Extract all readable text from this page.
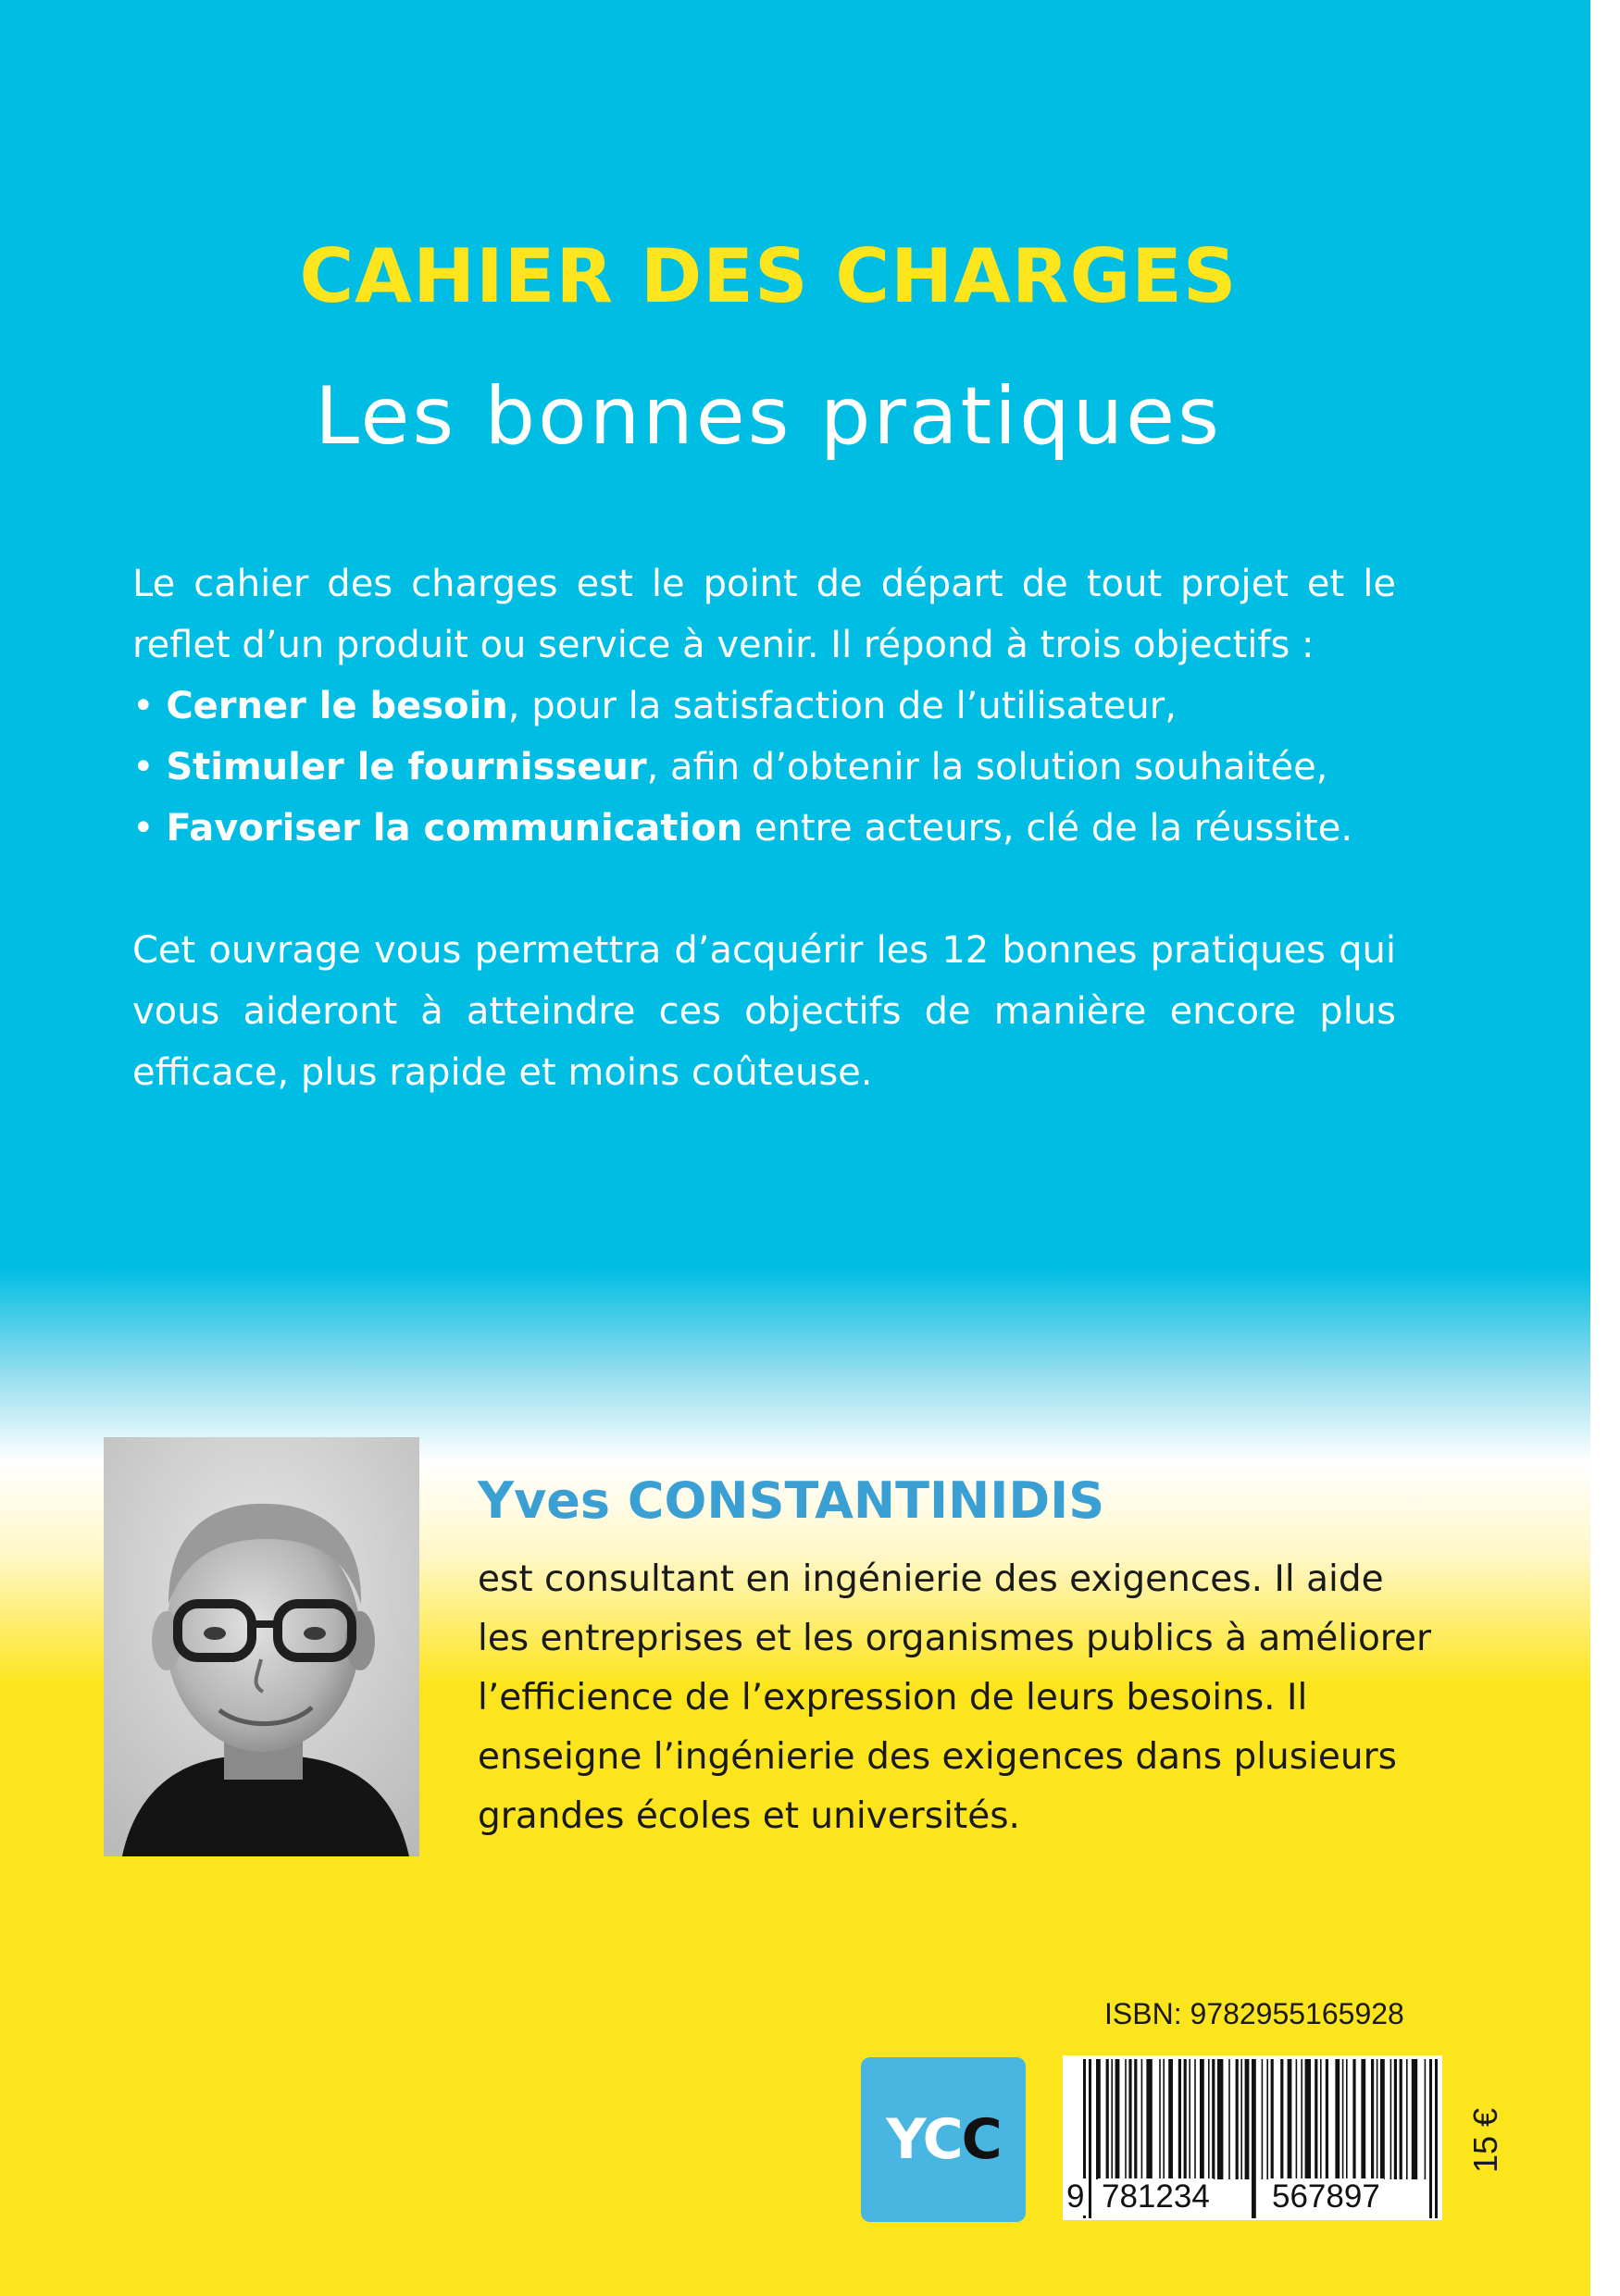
CAHIER DES CHARGES
Les bonnes pratiques

Le cahier des charges est le point de départ de tout projet et le reflet d’un produit ou service à venir. Il répond à trois objectifs :

• Cerner le besoin, pour la satisfaction de l’utilisateur,
• Stimuler le fournisseur, afin d’obtenir la solution souhaitée,
• Favoriser la communication entre acteurs, clé de la réussite.

Cet ouvrage vous permettra d’acquérir les 12 bonnes pratiques qui vous aideront à atteindre ces objectifs de manière encore plus efficace, plus rapide et moins coûteuse.

Yves CONSTANTINIDIS
est consultant en ingénierie des exigences. Il aide les entreprises et les organismes publics à améliorer l’efficience de l’expression de leurs besoins. Il enseigne l’ingénierie des exigences dans plusieurs grandes écoles et universités.
ISBN: 9782955165928
YCC
9 781234 567897
15 €
